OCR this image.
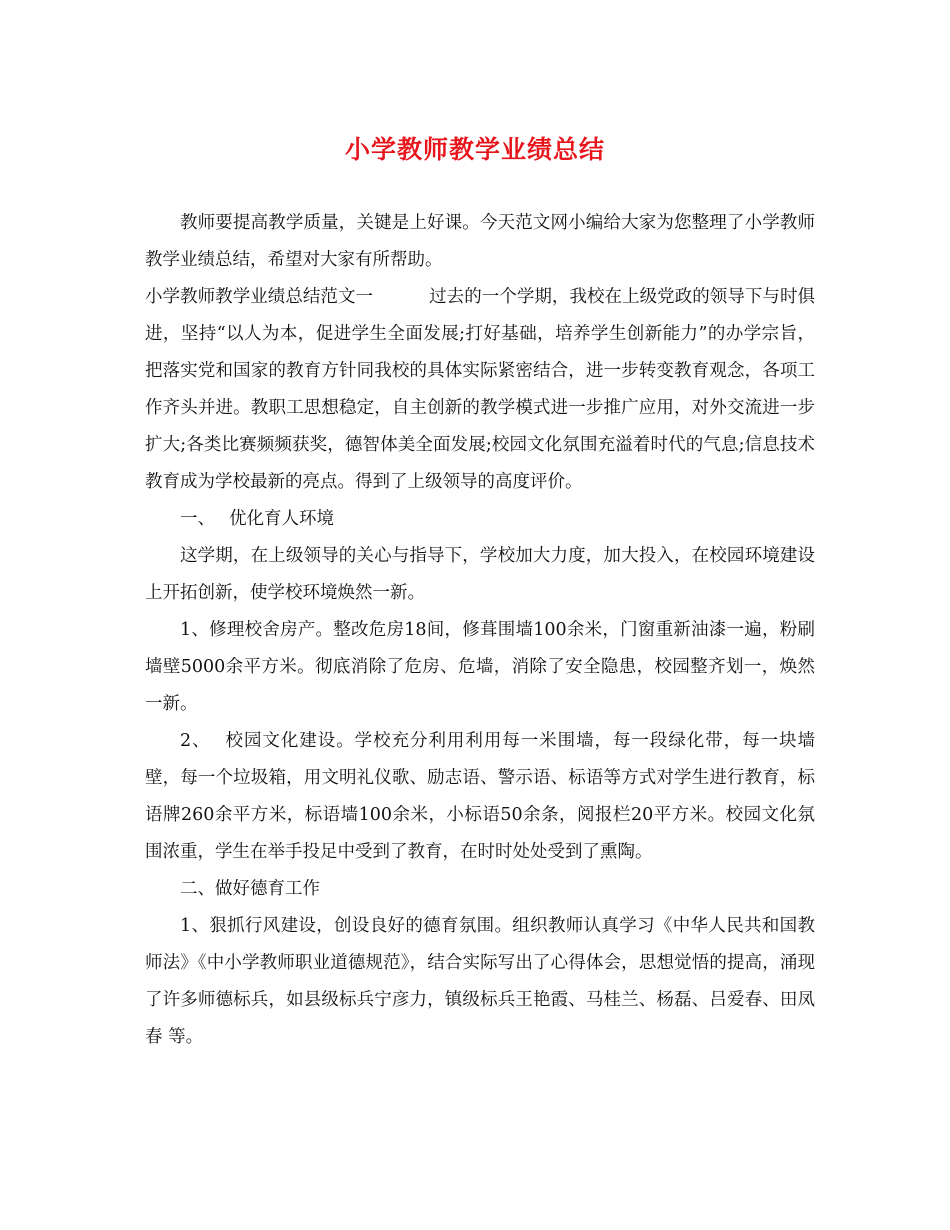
小学教师教学业绩总结

教师要提高教学质量，关键是上好课。今天范文网小编给大家为您整理了小学教师教学业绩总结，希望对大家有所帮助。

小学教师教学业绩总结范文一	过去的一个学期，我校在上级党政的领导下与时俱进，坚持“以人为本，促进学生全面发展;打好基础，培养学生创新能力”的办学宗旨，把落实党和国家的教育方针同我校的具体实际紧密结合，进一步转变教育观念，各项工作齐头并进。教职工思想稳定，自主创新的教学模式进一步推广应用，对外交流进一步扩大;各类比赛频频获奖，德智体美全面发展;校园文化氛围充溢着时代的气息;信息技术教育成为学校最新的亮点。得到了上级领导的高度评价。

一、 优化育人环境

这学期，在上级领导的关心与指导下，学校加大力度，加大投入，在校园环境建设上开拓创新，使学校环境焕然一新。

1、修理校舍房产。整改危房18间，修葺围墙100余米，门窗重新油漆一遍，粉刷墙壁5000余平方米。彻底消除了危房、危墙，消除了安全隐患，校园整齐划一，焕然一新。

2、 校园文化建设。学校充分利用利用每一米围墙，每一段绿化带，每一块墙壁，每一个垃圾箱，用文明礼仪歌、励志语、警示语、标语等方式对学生进行教育，标语牌260余平方米，标语墙100余米，小标语50余条，阅报栏20平方米。校园文化氛围浓重，学生在举手投足中受到了教育，在时时处处受到了熏陶。

二、做好德育工作

1、狠抓行风建设，创设良好的德育氛围。组织教师认真学习《中华人民共和国教师法》《中小学教师职业道德规范》，结合实际写出了心得体会，思想觉悟的提高，涌现了许多师德标兵，如县级标兵宁彦力，镇级标兵王艳霞、马桂兰、杨磊、吕爱春、田凤春 等。
